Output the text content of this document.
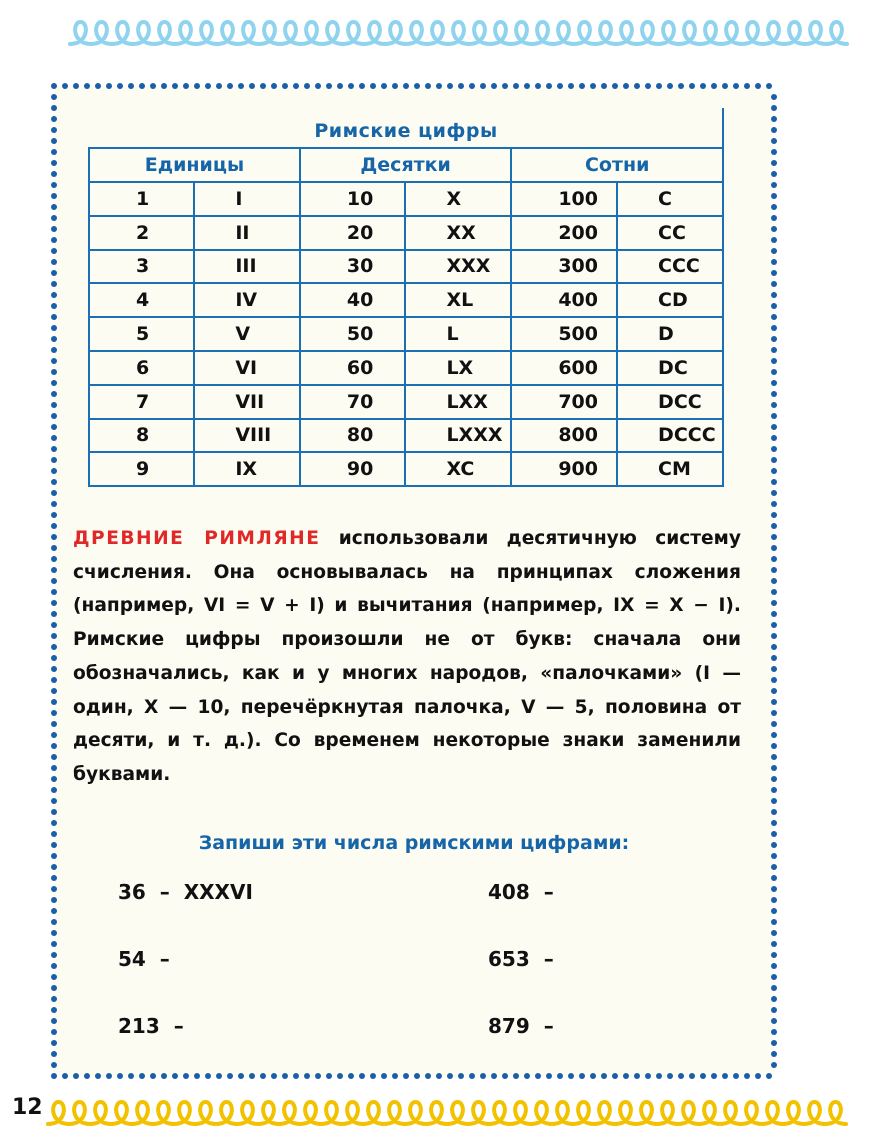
Римские цифры
Единицы		Десятки		Сотни	
1	I	10	X	100	C
2	II	20	XX	200	CC
3	III	30	XXX	300	CCC
4	IV	40	XL	400	CD
5	V	50	L	500	D
6	VI	60	LX	600	DC
7	VII	70	LXX	700	DCC
8	VIII	80	LXXX	800	DCCC
9	IX	90	XC	900	CM
ДРЕВНИЕ РИМЛЯНЕ использовали десятичную систему счисления. Она основывалась на принципах сложения (например, VI = V + I) и вычитания (например, IX = X − I). Римские цифры произошли не от букв: сначала они обозначались, как и у многих народов, «палочками» (I — один, X — 10, перечёркнутая палочка, V — 5, половина от десяти, и т. д.). Со временем некоторые знаки заменили буквами.
Запиши эти числа римскими цифрами:
36 – XXXVI	408 –
54 –	653 –
213 –	879 –
12
